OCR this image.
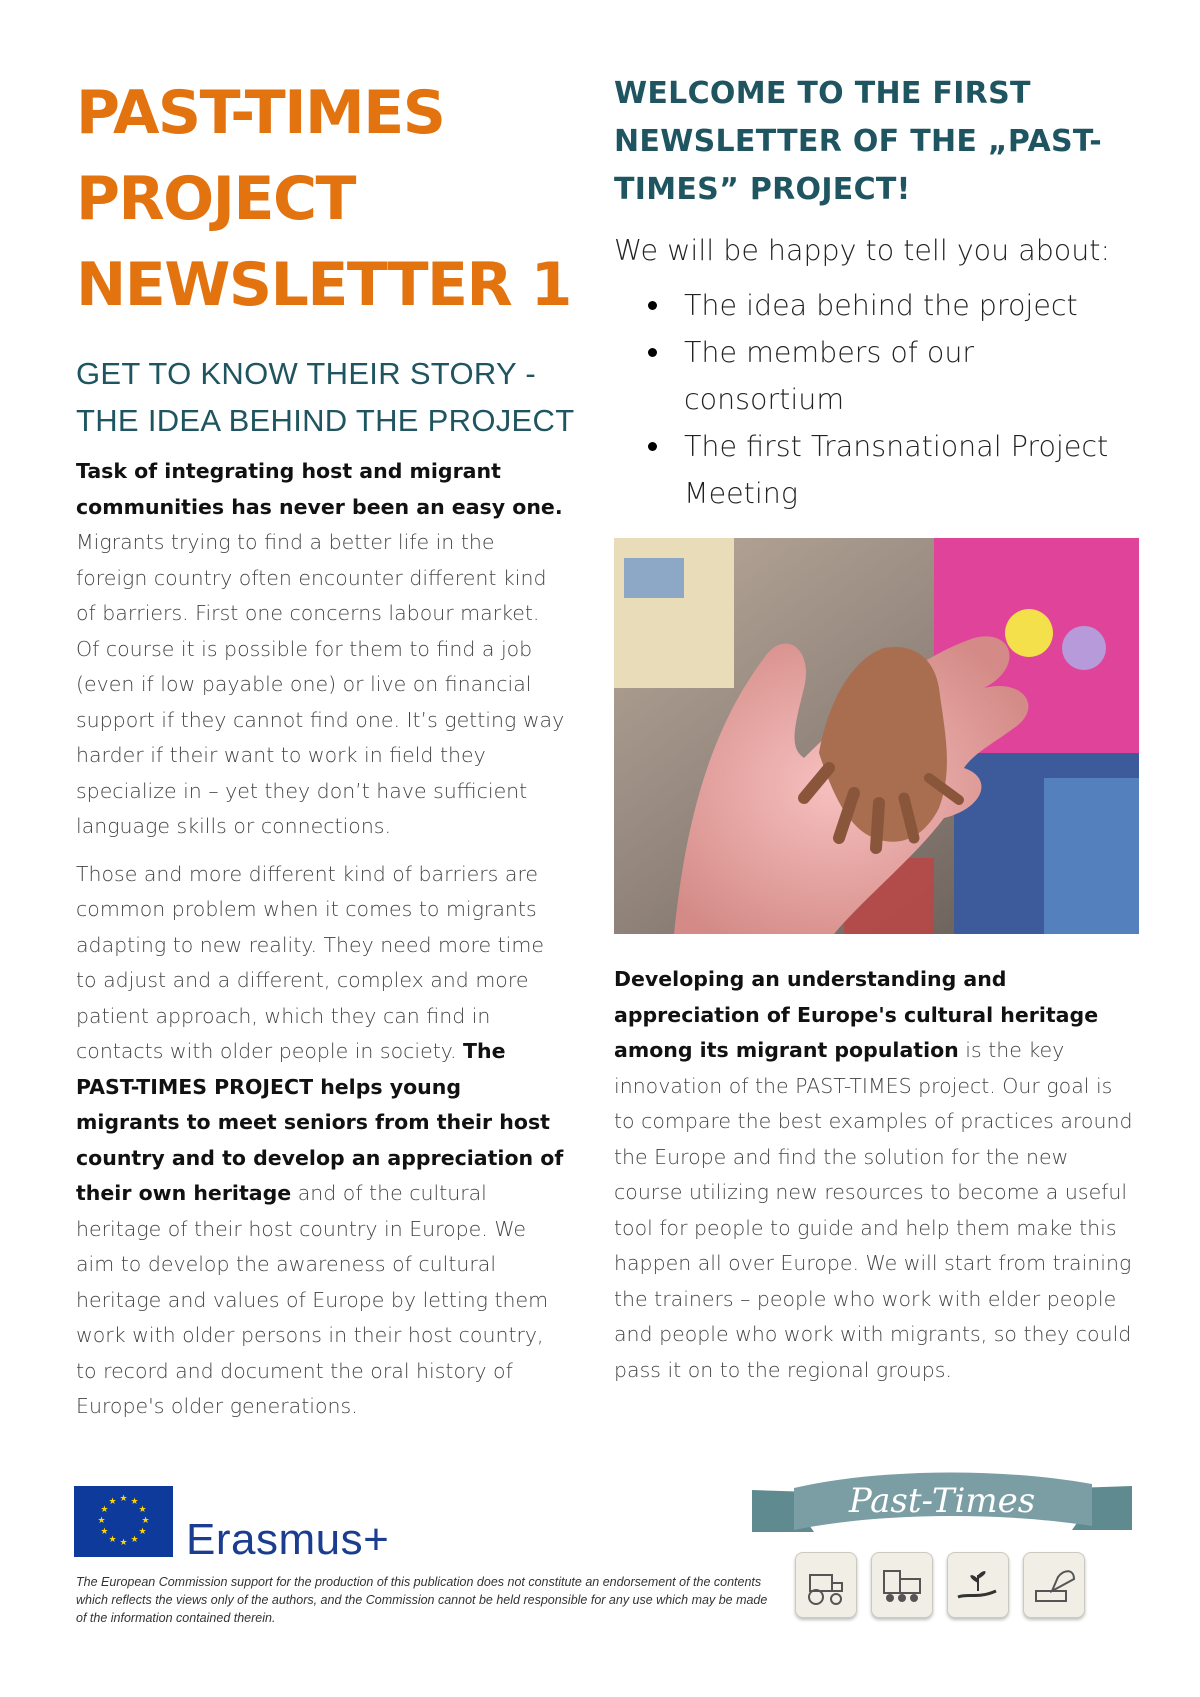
PAST-TIMES
PROJECT
NEWSLETTER 1
GET TO KNOW THEIR STORY -
THE IDEA BEHIND THE PROJECT

Task of integrating host and migrant communities has never been an easy one. Migrants trying to find a better life in the foreign country often encounter different kind of barriers. First one concerns labour market. Of course it is possible for them to find a job (even if low payable one) or live on financial support if they cannot find one. It’s getting way harder if their want to work in field they specialize in – yet they don’t have sufficient language skills or connections.

Those and more different kind of barriers are common problem when it comes to migrants adapting to new reality. They need more time to adjust and a different, complex and more patient approach, which they can find in contacts with older people in society. The PAST-TIMES PROJECT helps young migrants to meet seniors from their host country and to develop an appreciation of their own heritage and of the cultural heritage of their host country in Europe. We aim to develop the awareness of cultural heritage and values of Europe by letting them work with older persons in their host country, to record and document the oral history of Europe's older generations.

WELCOME TO THE FIRST
NEWSLETTER OF THE „PAST-
TIMES” PROJECT!

We will be happy to tell you about:

The idea behind the project
The members of our consortium
The first Transnational Project Meeting

Developing an understanding and appreciation of Europe's cultural heritage among its migrant population is the key innovation of the PAST-TIMES project. Our goal is to compare the best examples of practices around the Europe and find the solution for the new course utilizing new resources to become a useful tool for people to guide and help them make this happen all over Europe. We will start from training the trainers – people who work with elder people and people who work with migrants, so they could pass it on to the regional groups.

★ ★
★
★
★
★
★
★
★
★
★
★
Erasmus+
The European Commission support for the production of this publication does not constitute an endorsement of the contents which reflects the views only of the authors, and the Commission cannot be held responsible for any use which may be made of the information contained therein.
Past-Times
